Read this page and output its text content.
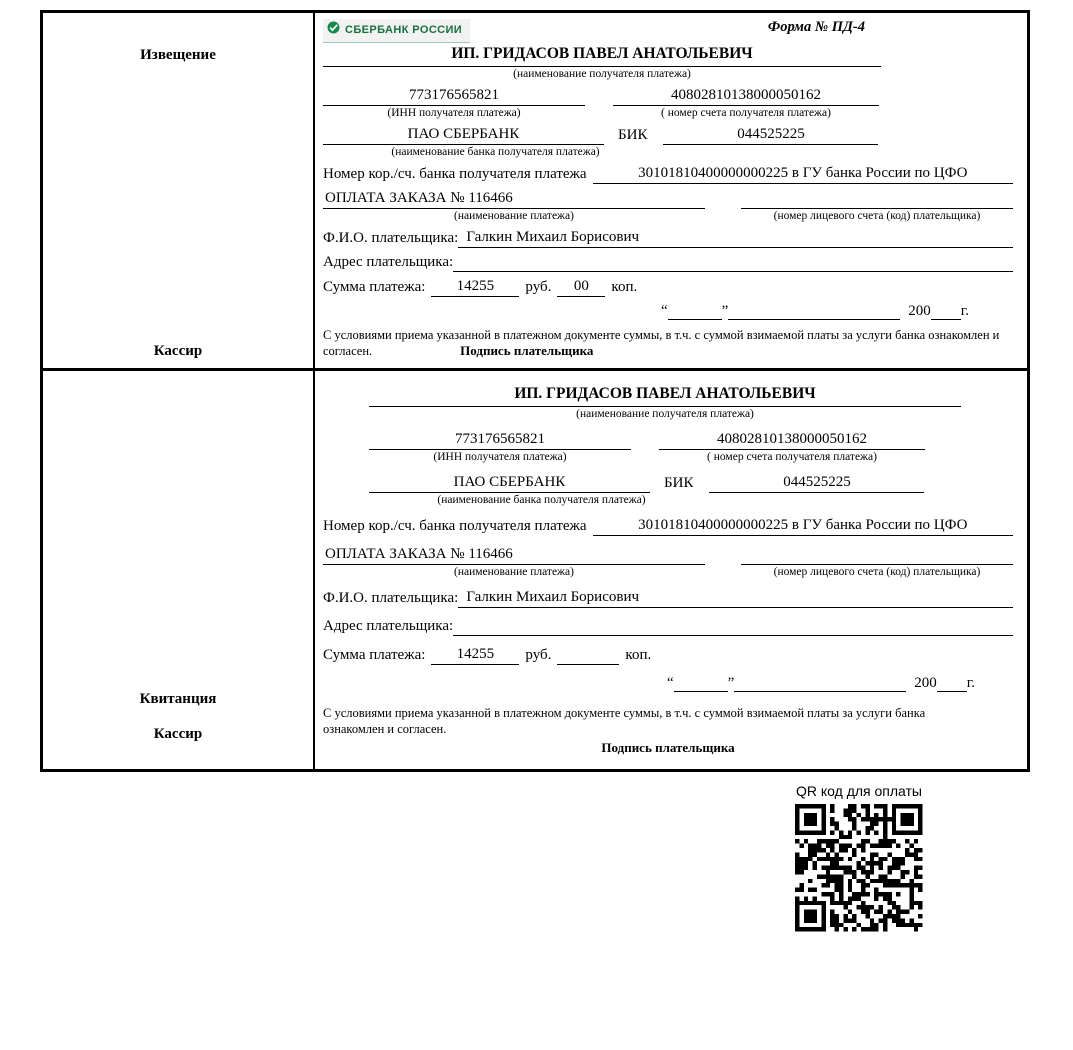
Извещение
Кассир
СБЕРБАНК РОССИИ	Форма № ПД-4
ИП. ГРИДАСОВ ПАВЕЛ АНАТОЛЬЕВИЧ
(наименование получателя платежа)
773176565821	40802810138000050162
(ИНН получателя платежа)	( номер счета получателя платежа)
ПАО СБЕРБАНК	БИК	044525225
(наименование банка получателя платежа)
Номер кор./сч. банка получателя платежа	30101810400000000225 в ГУ банка России по ЦФО
ОПЛАТА ЗАКАЗА № 116466
(наименование платежа)	(номер лицевого счета (код) плательщика)
Ф.И.О. плательщика: Галкин Михаил Борисович
Адрес плательщика:
Сумма платежа:	14255	руб.	00	коп.
“	”	200 г.
С условиями приема указанной в платежном документе суммы, в т.ч. с суммой взимаемой платы за услуги банка ознакомлен и согласен.	Подпись плательщика
Квитанция
Кассир
ИП. ГРИДАСОВ ПАВЕЛ АНАТОЛЬЕВИЧ
(наименование получателя платежа)
773176565821	40802810138000050162
(ИНН получателя платежа)	( номер счета получателя платежа)
ПАО СБЕРБАНК	БИК	044525225
(наименование банка получателя платежа)
Номер кор./сч. банка получателя платежа	30101810400000000225 в ГУ банка России по ЦФО
ОПЛАТА ЗАКАЗА № 116466
(наименование платежа)	(номер лицевого счета (код) плательщика)
Ф.И.О. плательщика: Галкин Михаил Борисович
Адрес плательщика:
Сумма платежа:	14255	руб.	коп.
“	”	200 г.
С условиями приема указанной в платежном документе суммы, в т.ч. с суммой взимаемой платы за услуги банка ознакомлен и согласен.
Подпись плательщика
QR код для оплаты
